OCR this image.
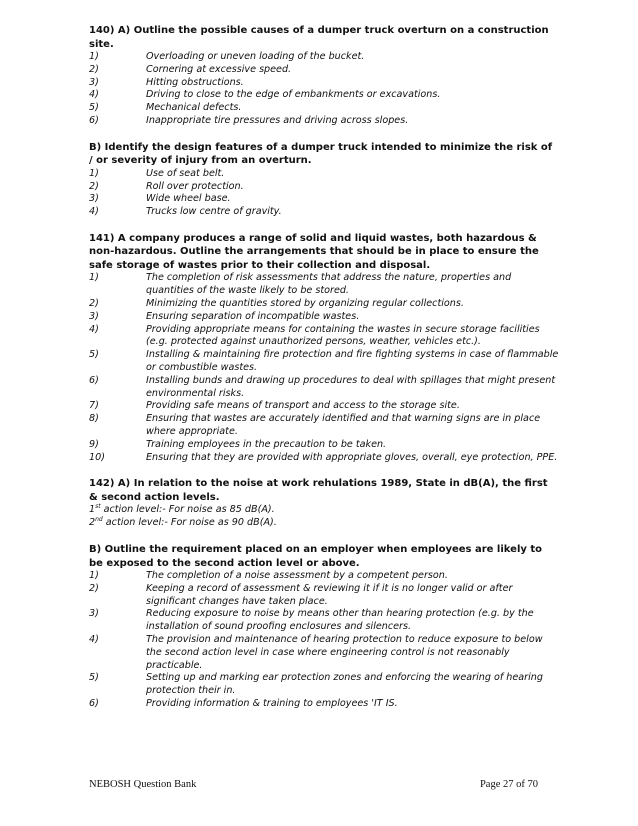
140) A) Outline the possible causes of a dumper truck overturn on a construction site.

1)	Overloading or uneven loading of the bucket.

2)	Cornering at excessive speed.

3)	Hitting obstructions.

4)	Driving to close to the edge of embankments or excavations.

5)	Mechanical defects.

6)	Inappropriate tire pressures and driving across slopes.

B) Identify the design features of a dumper truck intended to minimize the risk of / or severity of injury from an overturn.

1)	Use of seat belt.

2)	Roll over protection.

3)	Wide wheel base.

4)	Trucks low centre of gravity.

141) A company produces a range of solid and liquid wastes, both hazardous & non-hazardous. Outline the arrangements that should be in place to ensure the safe storage of wastes prior to their collection and disposal.

1)	The completion of risk assessments that address the nature, properties and quantities of the waste likely to be stored.

2)	Minimizing the quantities stored by organizing regular collections.

3)	Ensuring separation of incompatible wastes.

4)	Providing appropriate means for containing the wastes in secure storage facilities (e.g. protected against unauthorized persons, weather, vehicles etc.).

5)	Installing & maintaining fire protection and fire fighting systems in case of flammable or combustible wastes.

6)	Installing bunds and drawing up procedures to deal with spillages that might present environmental risks.

7)	Providing safe means of transport and access to the storage site.

8)	Ensuring that wastes are accurately identified and that warning signs are in place where appropriate.

9)	Training employees in the precaution to be taken.

10)	Ensuring that they are provided with appropriate gloves, overall, eye protection, PPE.

142) A) In relation to the noise at work rehulations 1989, State in dB(A), the first & second action levels.

1st action level:- For noise as 85 dB(A).

2nd action level:- For noise as 90 dB(A).

B) Outline the requirement placed on an employer when employees are likely to be exposed to the second action level or above.

1)	The completion of a noise assessment by a competent person.

2)	Keeping a record of assessment & reviewing it if it is no longer valid or after significant changes have taken place.

3)	Reducing exposure to noise by means other than hearing protection (e.g. by the installation of sound proofing enclosures and silencers.

4)	The provision and maintenance of hearing protection to reduce exposure to below the second action level in case where engineering control is not reasonably practicable.

5)	Setting up and marking ear protection zones and enforcing the wearing of hearing protection their in.

6)	Providing information & training to employees 'IT IS.

NEBOSH Question Bank	Page 27 of 70
